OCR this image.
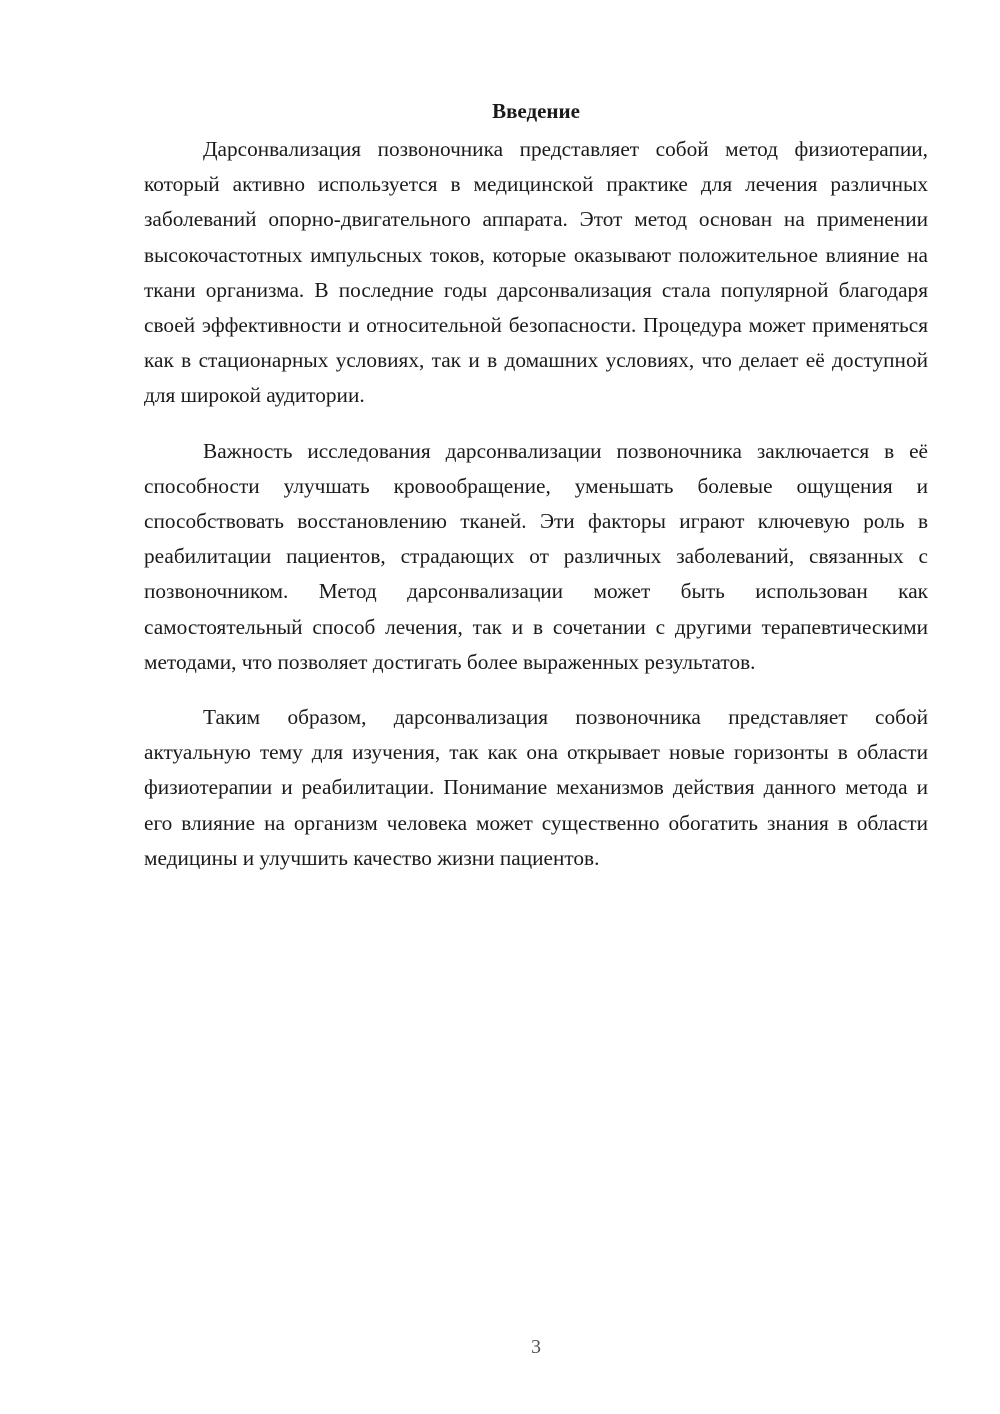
Введение

Дарсонвализация позвоночника представляет собой метод физиотерапии, который активно используется в медицинской практике для лечения различных заболеваний опорно-двигательного аппарата. Этот метод основан на применении высокочастотных импульсных токов, которые оказывают положительное влияние на ткани организма. В последние годы дарсонвализация стала популярной благодаря своей эффективности и относительной безопасности. Процедура может применяться как в стационарных условиях, так и в домашних условиях, что делает её доступной для широкой аудитории.

Важность исследования дарсонвализации позвоночника заключается в её способности улучшать кровообращение, уменьшать болевые ощущения и способствовать восстановлению тканей. Эти факторы играют ключевую роль в реабилитации пациентов, страдающих от различных заболеваний, связанных с позвоночником. Метод дарсонвализации может быть использован как самостоятельный способ лечения, так и в сочетании с другими терапевтическими методами, что позволяет достигать более выраженных результатов.

Таким образом, дарсонвализация позвоночника представляет собой актуальную тему для изучения, так как она открывает новые горизонты в области физиотерапии и реабилитации. Понимание механизмов действия данного метода и его влияние на организм человека может существенно обогатить знания в области медицины и улучшить качество жизни пациентов.

3
